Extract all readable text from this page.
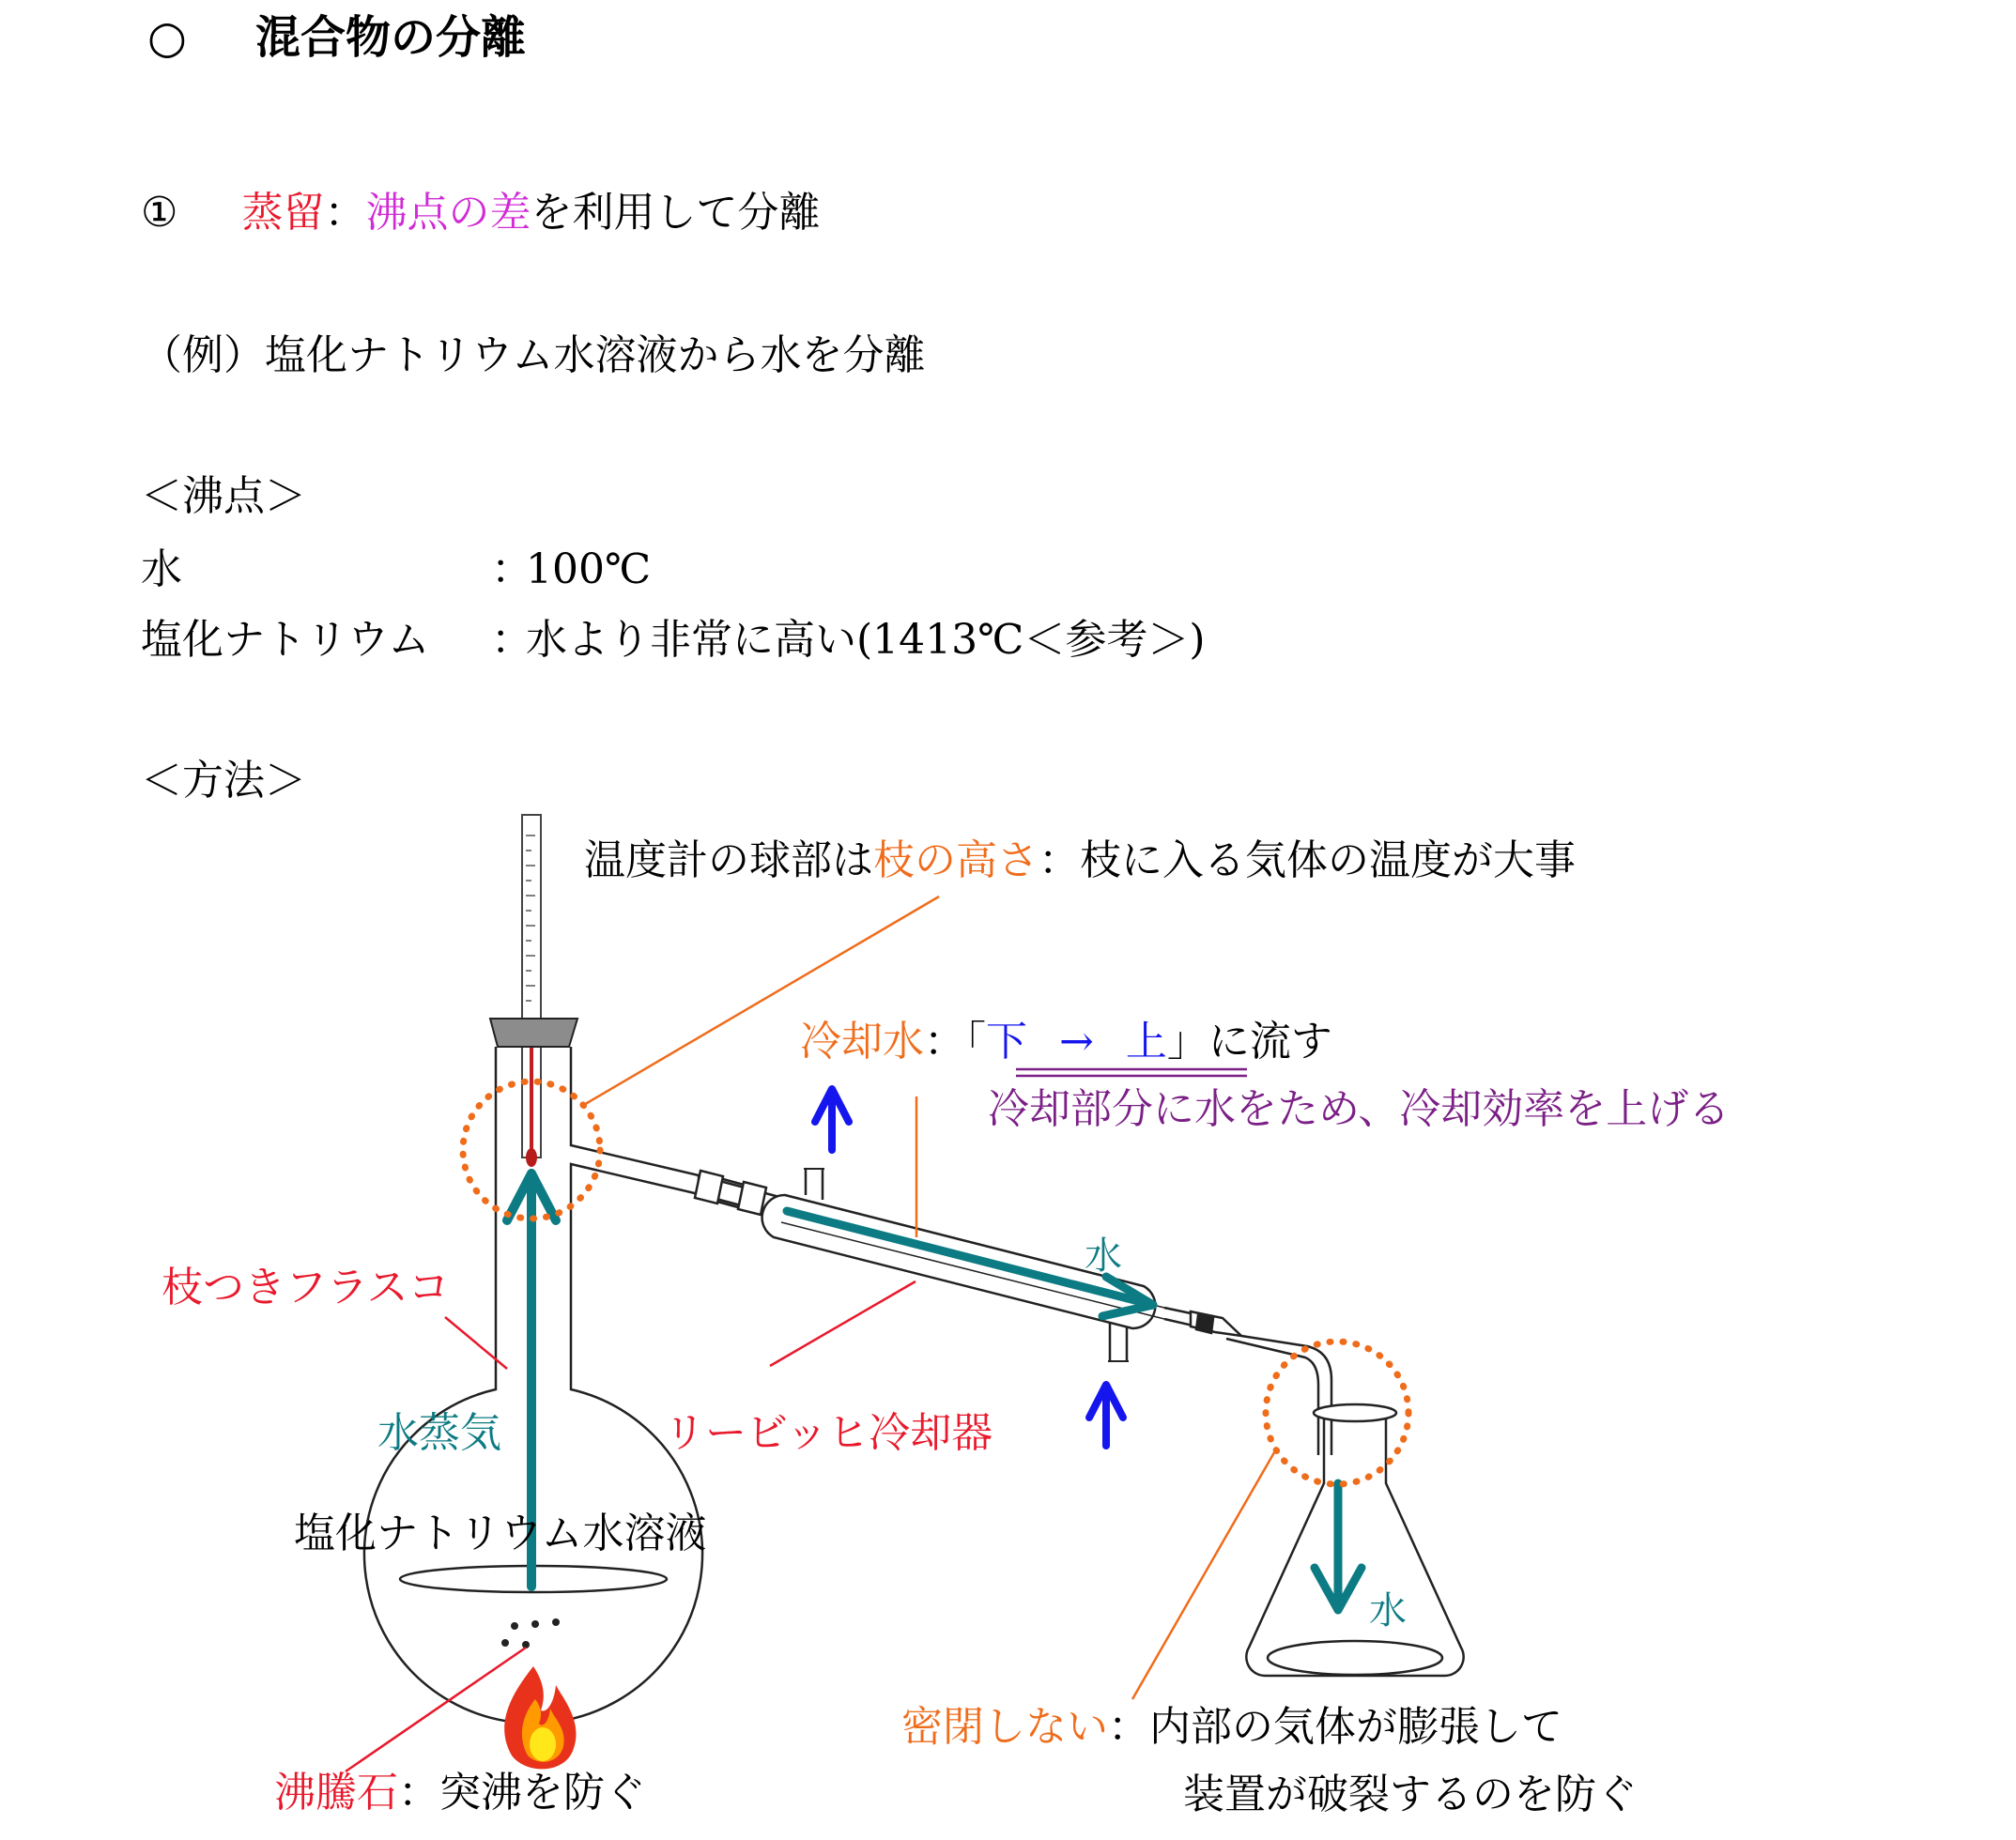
○ 混合物の分離
① 蒸留：沸点の差を利用して分離
（例）塩化ナトリウム水溶液から水を分離
＜沸点＞
水	：
100℃
塩化ナトリウム ：
水より非常に高い(1413℃＜参考＞)
＜方法＞
温度計の球部は枝の高さ：枝に入る気体の温度が大事
冷却水：「下 → 上」に流す
冷却部分に水をため、冷却効率を上げる
枝つきフラスコ
水蒸気
塩化ナトリウム水溶液
リービッヒ冷却器
水
水
沸騰石：突沸を防ぐ
密閉しない：内部の気体が膨張して
装置が破裂するのを防ぐ
